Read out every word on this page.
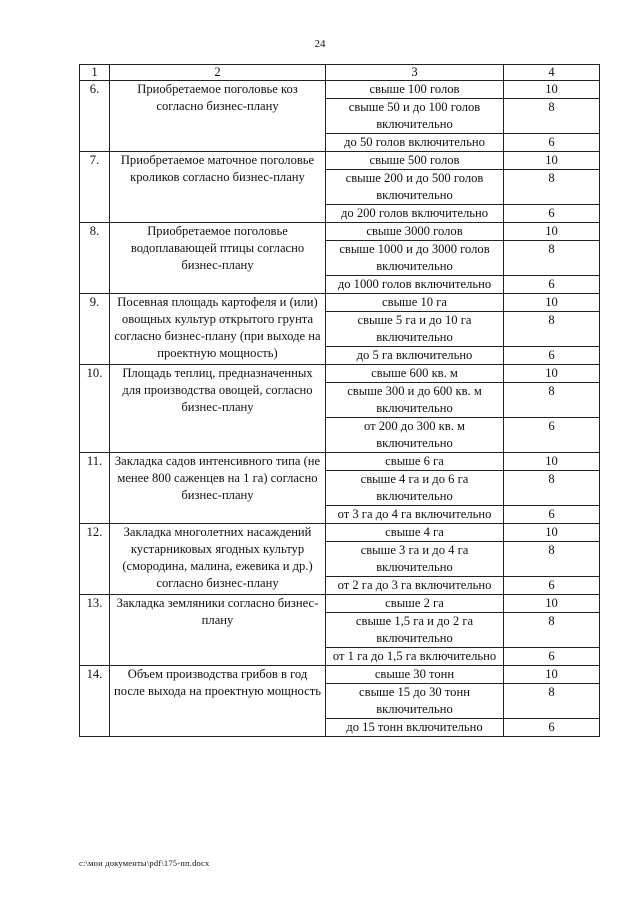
24
1	2	3	4
6.	Приобретаемое поголовье коз согласно бизнес-плану	свыше 100 голов	10
		свыше 50 и до 100 голов включительно	8
		до 50 голов включительно	6
7.	Приобретаемое маточное поголовье кроликов согласно бизнес-плану	свыше 500 голов	10
		свыше 200 и до 500 голов включительно	8
		до 200 голов включительно	6
8.	Приобретаемое поголовье водоплавающей птицы согласно бизнес-плану	свыше 3000 голов	10
		свыше 1000 и до 3000 голов включительно	8
		до 1000 голов включительно	6
9.	Посевная площадь картофеля и (или) овощных культур открытого грунта согласно бизнес-плану (при выходе на проектную мощность)	свыше 10 га	10
		свыше 5 га и до 10 га включительно	8
		до 5 га включительно	6
10.	Площадь теплиц, предназначенных для производства овощей, согласно бизнес-плану	свыше 600 кв. м	10
		свыше 300 и до 600 кв. м включительно	8
		от 200 до 300 кв. м включительно	6
11.	Закладка садов интенсивного типа (не менее 800 саженцев на 1 га) согласно бизнес-плану	свыше 6 га	10
		свыше 4 га и до 6 га включительно	8
		от 3 га до 4 га включительно	6
12.	Закладка многолетних насаждений кустарниковых ягодных культур (смородина, малина, ежевика и др.) согласно бизнес-плану	свыше 4 га	10
		свыше 3 га и до 4 га включительно	8
		от 2 га до 3 га включительно	6
13.	Закладка земляники согласно бизнес-плану	свыше 2 га	10
		свыше 1,5 га и до 2 га включительно	8
		от 1 га до 1,5 га включительно	6
14.	Объем производства грибов в год после выхода на проектную мощность	свыше 30 тонн	10
		свыше 15 до 30 тонн включительно	8
		до 15 тонн включительно	6
c:\мои документы\pdf\175-пп.docx
